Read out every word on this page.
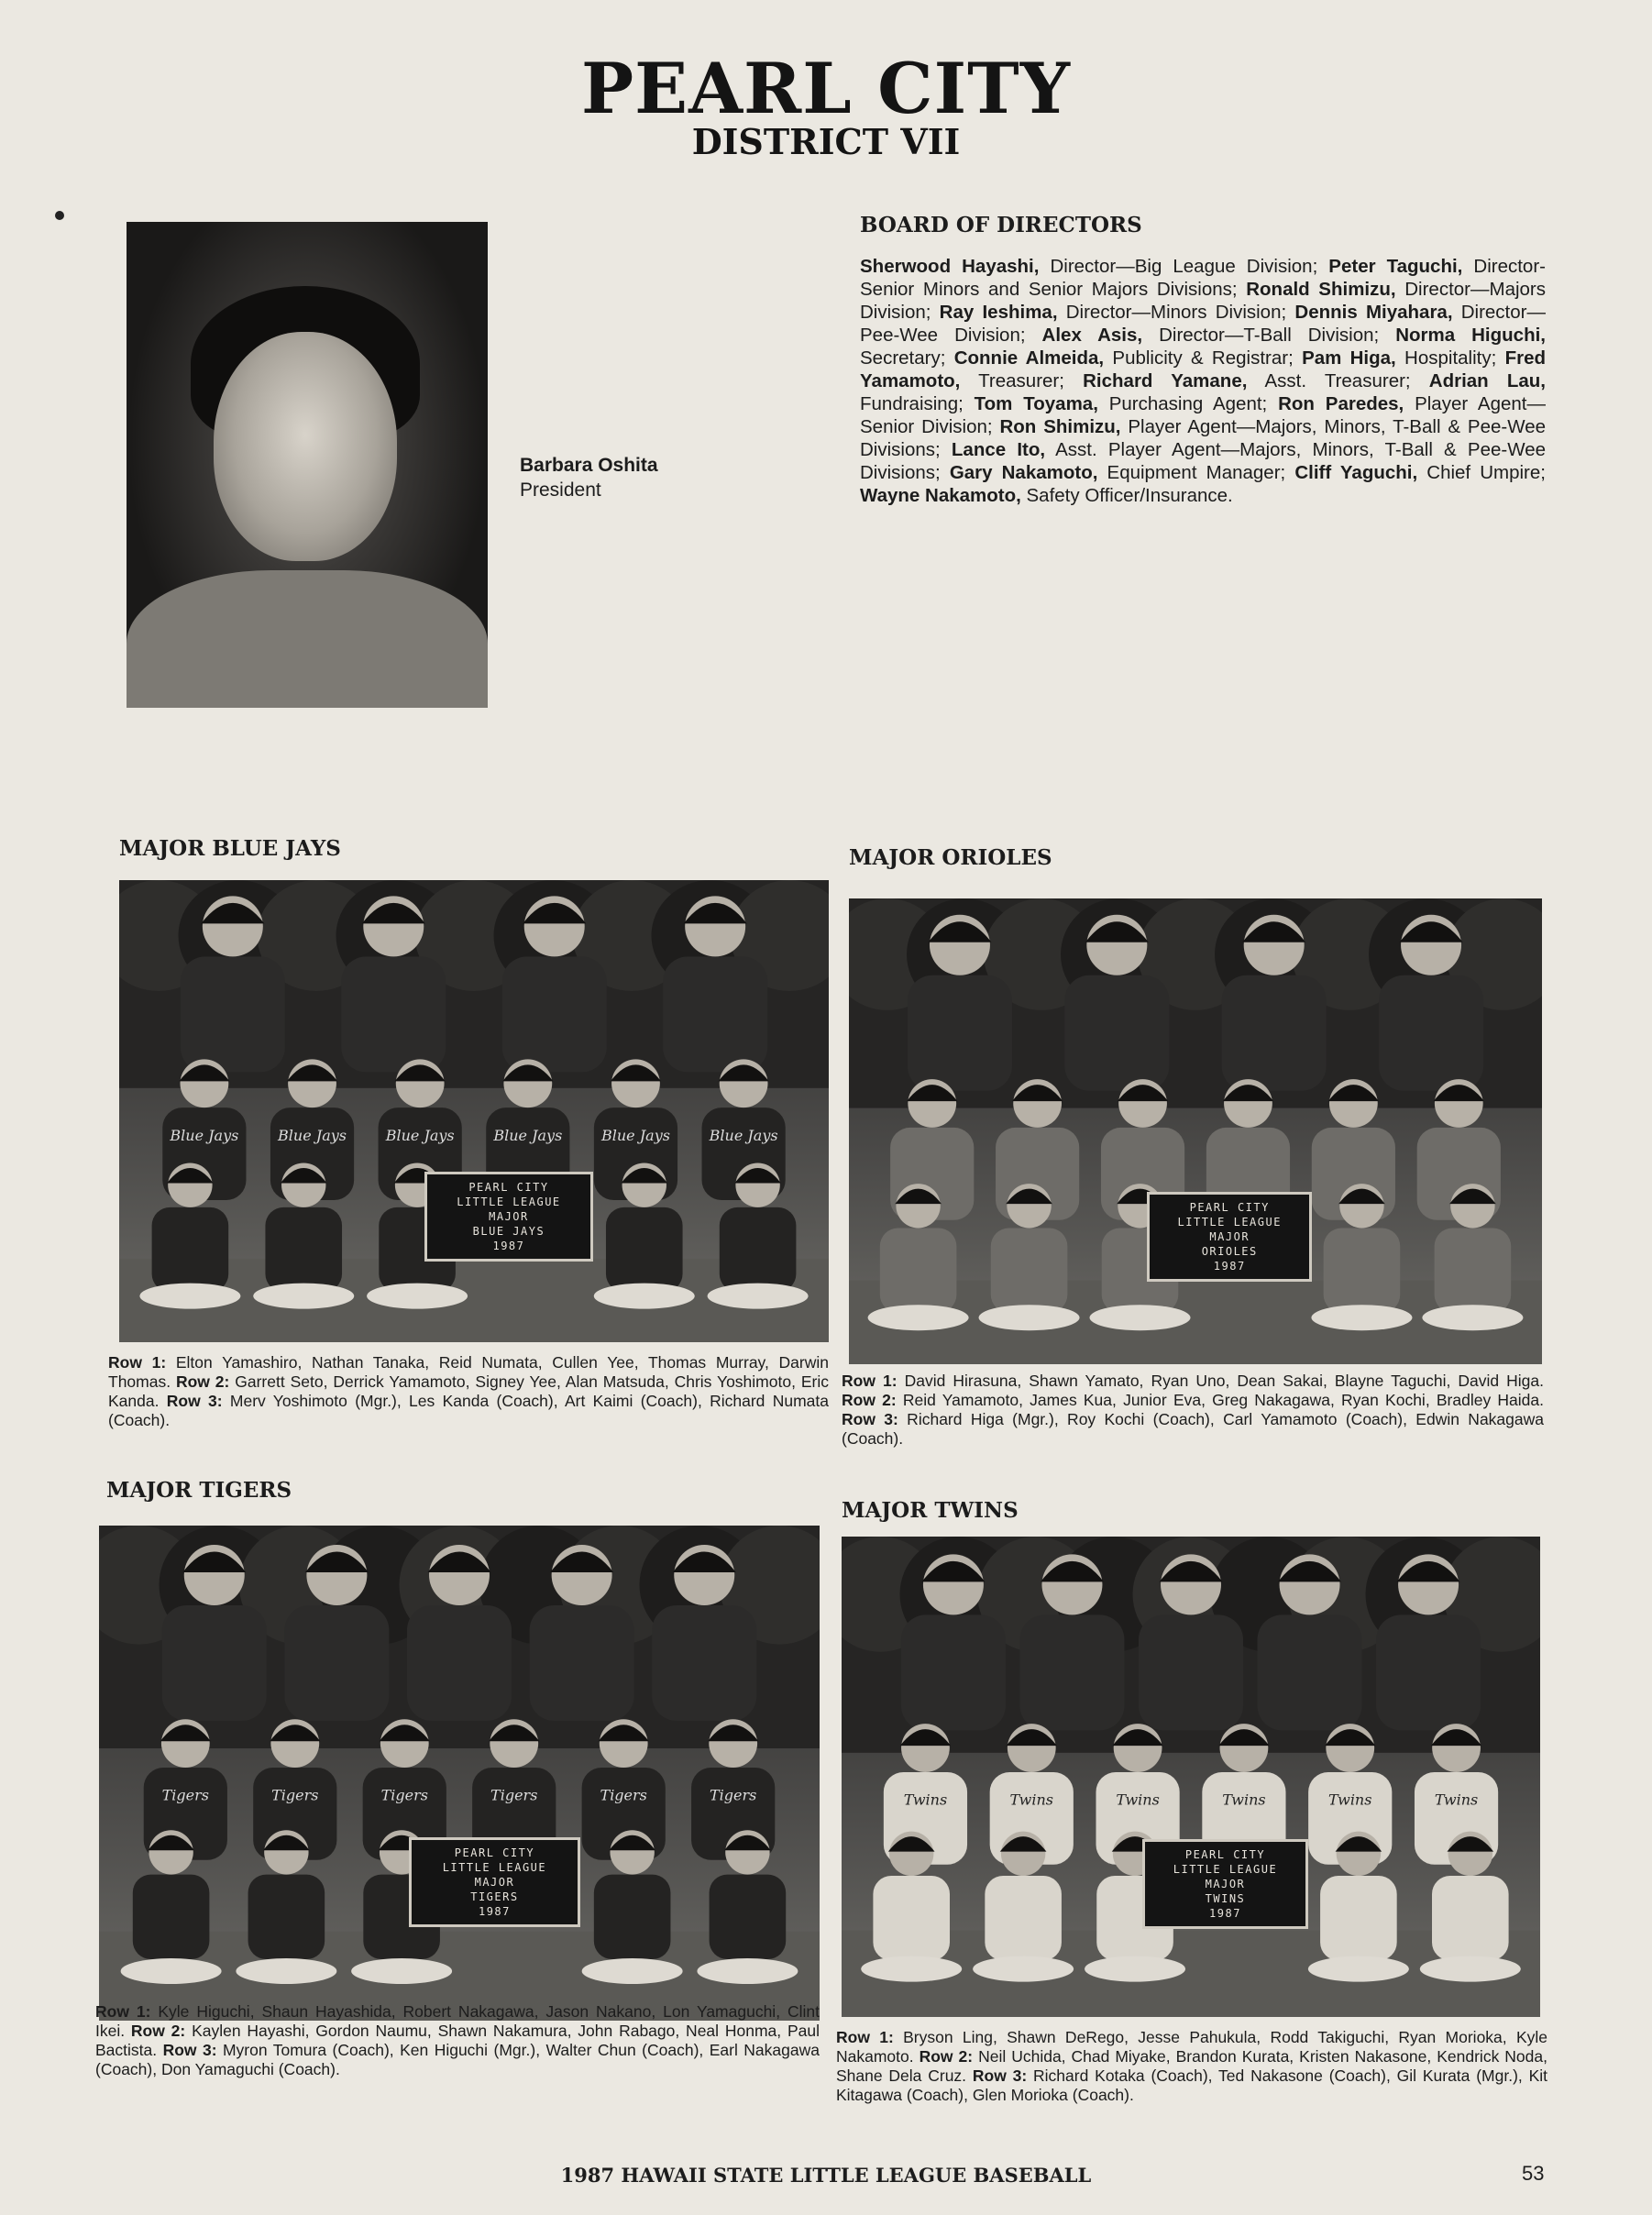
PEARL CITY
DISTRICT VII
Barbara Oshita
President
BOARD OF DIRECTORS
Sherwood Hayashi, Director—Big League Division; Peter Taguchi, Director-Senior Minors and Senior Majors Divisions; Ronald Shimizu, Director—Majors Division; Ray Ieshima, Director—Minors Division; Dennis Miyahara, Director—Pee-Wee Division; Alex Asis, Director—T-Ball Division; Norma Higuchi, Secretary; Connie Almeida, Publicity & Registrar; Pam Higa, Hospitality; Fred Yamamoto, Treasurer; Richard Yamane, Asst. Treasurer; Adrian Lau, Fundraising; Tom Toyama, Purchasing Agent; Ron Paredes, Player Agent—Senior Division; Ron Shimizu, Player Agent—Majors, Minors, T-Ball & Pee-Wee Divisions; Lance Ito, Asst. Player Agent—Majors, Minors, T-Ball & Pee-Wee Divisions; Gary Nakamoto, Equipment Manager; Cliff Yaguchi, Chief Umpire; Wayne Nakamoto, Safety Officer/Insurance.
MAJOR BLUE JAYS
Blue Jays	Blue Jays	Blue Jays	Blue Jays	Blue Jays	Blue Jays
PEARL CITY
LITTLE LEAGUE
MAJOR
BLUE JAYS
1987
Row 1: Elton Yamashiro, Nathan Tanaka, Reid Numata, Cullen Yee, Thomas Murray, Darwin Thomas. Row 2: Garrett Seto, Derrick Yamamoto, Signey Yee, Alan Matsuda, Chris Yoshimoto, Eric Kanda. Row 3: Merv Yoshimoto (Mgr.), Les Kanda (Coach), Art Kaimi (Coach), Richard Numata (Coach).
MAJOR ORIOLES
PEARL CITY
LITTLE LEAGUE
MAJOR
ORIOLES
1987
Row 1: David Hirasuna, Shawn Yamato, Ryan Uno, Dean Sakai, Blayne Taguchi, David Higa. Row 2: Reid Yamamoto, James Kua, Junior Eva, Greg Nakagawa, Ryan Kochi, Bradley Haida. Row 3: Richard Higa (Mgr.), Roy Kochi (Coach), Carl Yamamoto (Coach), Edwin Nakagawa (Coach).
MAJOR TIGERS
Tigers	Tigers	Tigers	Tigers	Tigers	Tigers
PEARL CITY
LITTLE LEAGUE
MAJOR
TIGERS
1987
Row 1: Kyle Higuchi, Shaun Hayashida, Robert Nakagawa, Jason Nakano, Lon Yamaguchi, Clint Ikei. Row 2: Kaylen Hayashi, Gordon Naumu, Shawn Nakamura, John Rabago, Neal Honma, Paul Bactista. Row 3: Myron Tomura (Coach), Ken Higuchi (Mgr.), Walter Chun (Coach), Earl Nakagawa (Coach), Don Yamaguchi (Coach).
MAJOR TWINS
Twins	Twins	Twins	Twins	Twins	Twins
PEARL CITY
LITTLE LEAGUE
MAJOR
TWINS
1987
Row 1: Bryson Ling, Shawn DeRego, Jesse Pahukula, Rodd Takiguchi, Ryan Morioka, Kyle Nakamoto. Row 2: Neil Uchida, Chad Miyake, Brandon Kurata, Kristen Nakasone, Kendrick Noda, Shane Dela Cruz. Row 3: Richard Kotaka (Coach), Ted Nakasone (Coach), Gil Kurata (Mgr.), Kit Kitagawa (Coach), Glen Morioka (Coach).
1987 HAWAII STATE LITTLE LEAGUE BASEBALL	53
